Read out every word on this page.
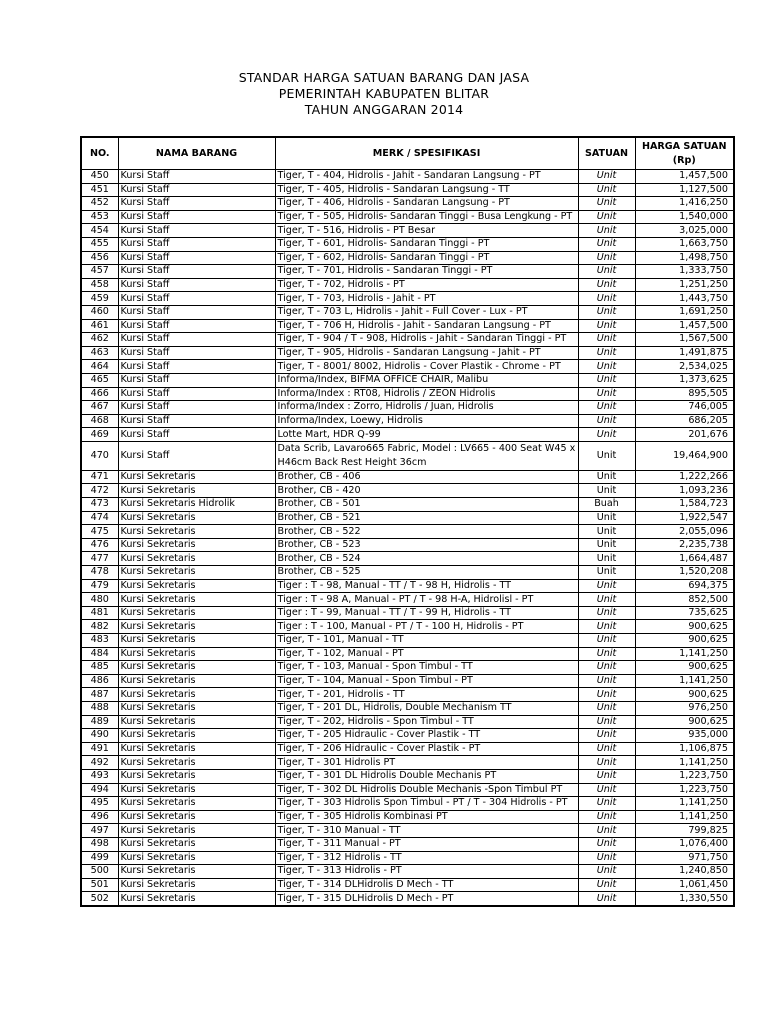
STANDAR HARGA SATUAN BARANG DAN JASA
PEMERINTAH KABUPATEN BLITAR
TAHUN ANGGARAN 2014
NO.	NAMA BARANG	MERK / SPESIFIKASI	SATUAN	HARGA SATUAN (Rp)
450	Kursi Staff	Tiger, T - 404, Hidrolis - Jahit - Sandaran Langsung - PT	Unit	1,457,500
451	Kursi Staff	Tiger, T - 405, Hidrolis - Sandaran Langsung - TT	Unit	1,127,500
452	Kursi Staff	Tiger, T - 406, Hidrolis - Sandaran Langsung - PT	Unit	1,416,250
453	Kursi Staff	Tiger, T - 505, Hidrolis- Sandaran Tinggi - Busa Lengkung - PT	Unit	1,540,000
454	Kursi Staff	Tiger, T - 516, Hidrolis - PT Besar	Unit	3,025,000
455	Kursi Staff	Tiger, T - 601, Hidrolis- Sandaran Tinggi - PT	Unit	1,663,750
456	Kursi Staff	Tiger, T - 602, Hidrolis- Sandaran Tinggi - PT	Unit	1,498,750
457	Kursi Staff	Tiger, T - 701, Hidrolis - Sandaran Tinggi - PT	Unit	1,333,750
458	Kursi Staff	Tiger, T - 702, Hidrolis - PT	Unit	1,251,250
459	Kursi Staff	Tiger, T - 703, Hidrolis - Jahit - PT	Unit	1,443,750
460	Kursi Staff	Tiger, T - 703 L, Hidrolis - Jahit - Full Cover - Lux - PT	Unit	1,691,250
461	Kursi Staff	Tiger, T - 706 H, Hidrolis - Jahit - Sandaran Langsung - PT	Unit	1,457,500
462	Kursi Staff	Tiger, T - 904 / T - 908, Hidrolis - Jahit - Sandaran Tinggi - PT	Unit	1,567,500
463	Kursi Staff	Tiger, T - 905, Hidrolis - Sandaran Langsung - Jahit - PT	Unit	1,491,875
464	Kursi Staff	Tiger, T - 8001/ 8002, Hidrolis - Cover Plastik - Chrome - PT	Unit	2,534,025
465	Kursi Staff	Informa/Index, BIFMA OFFICE CHAIR, Malibu	Unit	1,373,625
466	Kursi Staff	Informa/Index : RT08, Hidrolis / ZEON Hidrolis	Unit	895,505
467	Kursi Staff	Informa/Index : Zorro, Hidrolis / Juan, Hidrolis	Unit	746,005
468	Kursi Staff	Informa/Index, Loewy, Hidrolis	Unit	686,205
469	Kursi Staff	Lotte Mart, HDR Q-99	Unit	201,676
470	Kursi Staff	Data Scrib, Lavaro665 Fabric, Model : LV665 - 400 Seat W45 x H46cm Back Rest Height 36cm	Unit	19,464,900
471	Kursi Sekretaris	Brother, CB - 406	Unit	1,222,266
472	Kursi Sekretaris	Brother, CB - 420	Unit	1,093,236
473	Kursi Sekretaris Hidrolik	Brother, CB - 501	Buah	1,584,723
474	Kursi Sekretaris	Brother, CB - 521	Unit	1,922,547
475	Kursi Sekretaris	Brother, CB - 522	Unit	2,055,096
476	Kursi Sekretaris	Brother, CB - 523	Unit	2,235,738
477	Kursi Sekretaris	Brother, CB - 524	Unit	1,664,487
478	Kursi Sekretaris	Brother, CB - 525	Unit	1,520,208
479	Kursi Sekretaris	Tiger : T - 98, Manual - TT / T - 98 H, Hidrolis - TT	Unit	694,375
480	Kursi Sekretaris	Tiger : T - 98 A, Manual - PT / T - 98 H-A, Hidrolisl - PT	Unit	852,500
481	Kursi Sekretaris	Tiger : T - 99, Manual - TT / T - 99 H, Hidrolis - TT	Unit	735,625
482	Kursi Sekretaris	Tiger : T - 100, Manual - PT / T - 100 H, Hidrolis - PT	Unit	900,625
483	Kursi Sekretaris	Tiger, T - 101, Manual - TT	Unit	900,625
484	Kursi Sekretaris	Tiger, T - 102, Manual - PT	Unit	1,141,250
485	Kursi Sekretaris	Tiger, T - 103, Manual - Spon Timbul - TT	Unit	900,625
486	Kursi Sekretaris	Tiger, T - 104, Manual - Spon Timbul - PT	Unit	1,141,250
487	Kursi Sekretaris	Tiger, T - 201, Hidrolis - TT	Unit	900,625
488	Kursi Sekretaris	Tiger, T - 201 DL, Hidrolis, Double Mechanism TT	Unit	976,250
489	Kursi Sekretaris	Tiger, T - 202, Hidrolis - Spon Timbul - TT	Unit	900,625
490	Kursi Sekretaris	Tiger, T - 205 Hidraulic - Cover Plastik - TT	Unit	935,000
491	Kursi Sekretaris	Tiger, T - 206 Hidraulic - Cover Plastik - PT	Unit	1,106,875
492	Kursi Sekretaris	Tiger, T - 301 Hidrolis PT	Unit	1,141,250
493	Kursi Sekretaris	Tiger, T - 301 DL Hidrolis Double Mechanis PT	Unit	1,223,750
494	Kursi Sekretaris	Tiger, T - 302 DL Hidrolis Double Mechanis -Spon Timbul PT	Unit	1,223,750
495	Kursi Sekretaris	Tiger, T - 303 Hidrolis Spon Timbul - PT / T - 304 Hidrolis - PT	Unit	1,141,250
496	Kursi Sekretaris	Tiger, T - 305 Hidrolis Kombinasi PT	Unit	1,141,250
497	Kursi Sekretaris	Tiger, T - 310 Manual - TT	Unit	799,825
498	Kursi Sekretaris	Tiger, T - 311 Manual - PT	Unit	1,076,400
499	Kursi Sekretaris	Tiger, T - 312 Hidrolis - TT	Unit	971,750
500	Kursi Sekretaris	Tiger, T - 313 Hidrolis - PT	Unit	1,240,850
501	Kursi Sekretaris	Tiger, T - 314 DLHidrolis D Mech - TT	Unit	1,061,450
502	Kursi Sekretaris	Tiger, T - 315 DLHidrolis D Mech - PT	Unit	1,330,550
